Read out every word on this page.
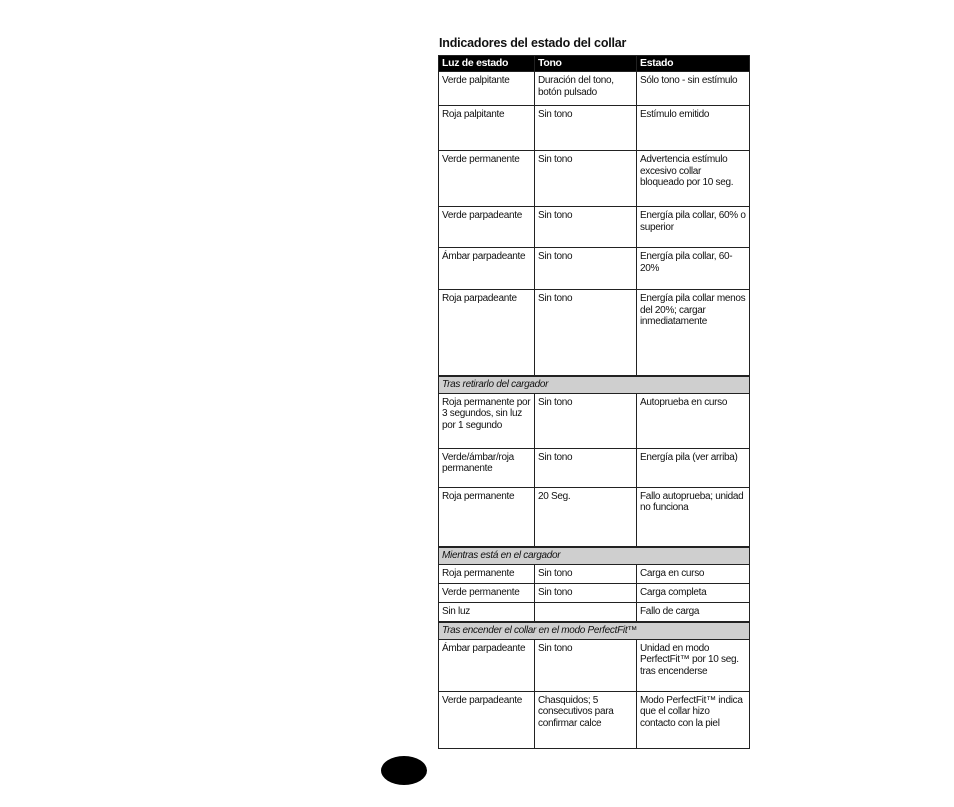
Indicadores del estado del collar
Luz de estado	Tono	Estado
Verde palpitante	Duración del tono, botón pulsado	Sólo tono - sin estímulo
Roja palpitante	Sin tono	Estímulo emitido
Verde permanente	Sin tono	Advertencia estímulo excesivo collar bloqueado por 10 seg.
Verde parpadeante	Sin tono	Energía pila collar, 60% o superior
Ámbar parpadeante	Sin tono	Energía pila collar, 60-20%
Roja parpadeante	Sin tono	Energía pila collar menos del 20%; cargar inmediatamente
Tras retirarlo del cargador		
Roja permanente por 3 segundos, sin luz por 1 segundo	Sin tono	Autoprueba en curso
Verde/ámbar/roja permanente	Sin tono	Energía pila (ver arriba)
Roja permanente	20 Seg.	Fallo autoprueba; unidad no funciona
Mientras está en el cargador		
Roja permanente	Sin tono	Carga en curso
Verde permanente	Sin tono	Carga completa
Sin luz		Fallo de carga
Tras encender el collar en el modo PerfectFit™		
Ámbar parpadeante	Sin tono	Unidad en modo PerfectFit™ por 10 seg. tras encenderse
Verde parpadeante	Chasquidos; 5 consecutivos para confirmar calce	Modo PerfectFit™ indica que el collar hizo contacto con la piel
